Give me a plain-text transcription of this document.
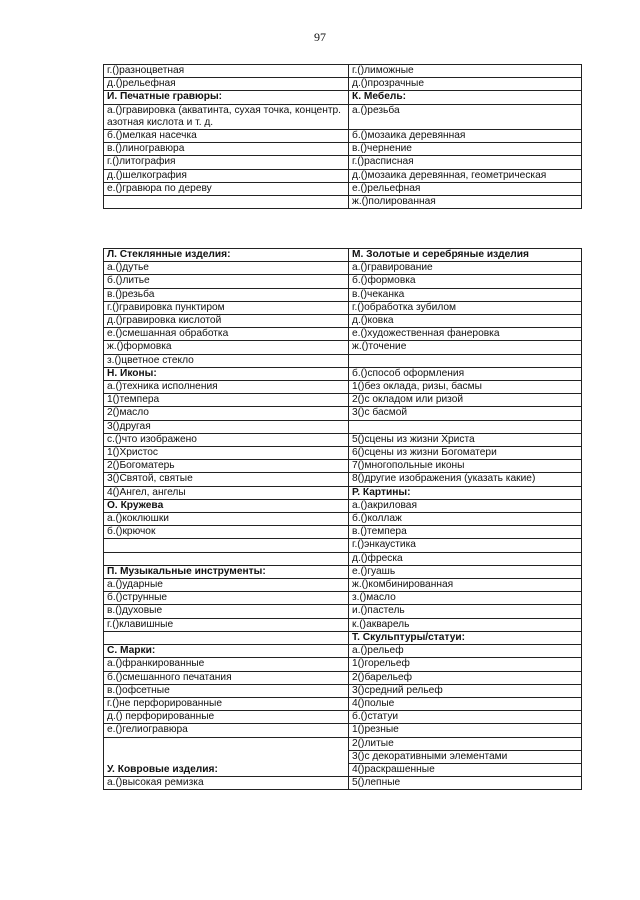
97
г.()разноцветная	г.()лиможные
д.()рельефная	д.()прозрачные
И. Печатные гравюры:	К. Мебель:
а.()гравировка (акватинта, сухая точка, концентр. азотная кислота и т. д.	а.()резьба
б.()мелкая насечка	б.()мозаика деревянная
в.()линогравюра	в.()чернение
г.()литография	г.()расписная
д.()шелкография	д.()мозаика деревянная, геометрическая
е.()гравюра по дереву	е.()рельефная
	ж.()полированная
Л. Стеклянные изделия:	М. Золотые и серебряные изделия
а.()дутье	а.()гравирование
б.()литье	б.()формовка
в.()резьба	в.()чеканка
г.()гравировка пунктиром	г.()обработка зубилом
д.()гравировка кислотой	д.()ковка
е.()смешанная обработка	е.()художественная фанеровка
ж.()формовка	ж.()точение
з.()цветное стекло	
Н. Иконы:	б.()способ оформления
а.()техника исполнения	1()без оклада, ризы, басмы
1()темпера	2()с окладом или ризой
2()масло	3()с басмой
3()другая	
с.()что изображено	5()сцены из жизни Христа
1()Христос	6()сцены из жизни Богоматери
2()Богоматерь	7()многопольные иконы
3()Святой, святые	8()другие изображения (указать какие)
4()Ангел, ангелы	Р. Картины:
О. Кружева	а.()акриловая
а.()коклюшки	б.()коллаж
б.()крючок	в.()темпера
	г.()энкаустика
	д.()фреска
П. Музыкальные инструменты:	е.()гуашь
а.()ударные	ж.()комбинированная
б.()струнные	з.()масло
в.()духовые	и.()пастель
г.()клавишные	к.()акварель
	Т. Скульптуры/статуи:
С. Марки:	а.()рельеф
а.()франкированные	1()горельеф
б.()смешанного печатания	2()барельеф
в.()офсетные	3()средний рельеф
г.()не перфорированные	4()полые
д.() перфорированные	б.()статуи
е.()гелиогравюра	1()резные
У. Ковровые изделия:	2()литые
	3()с декоративными элементами
	4()раскрашенные
а.()высокая ремизка	5()лепные
